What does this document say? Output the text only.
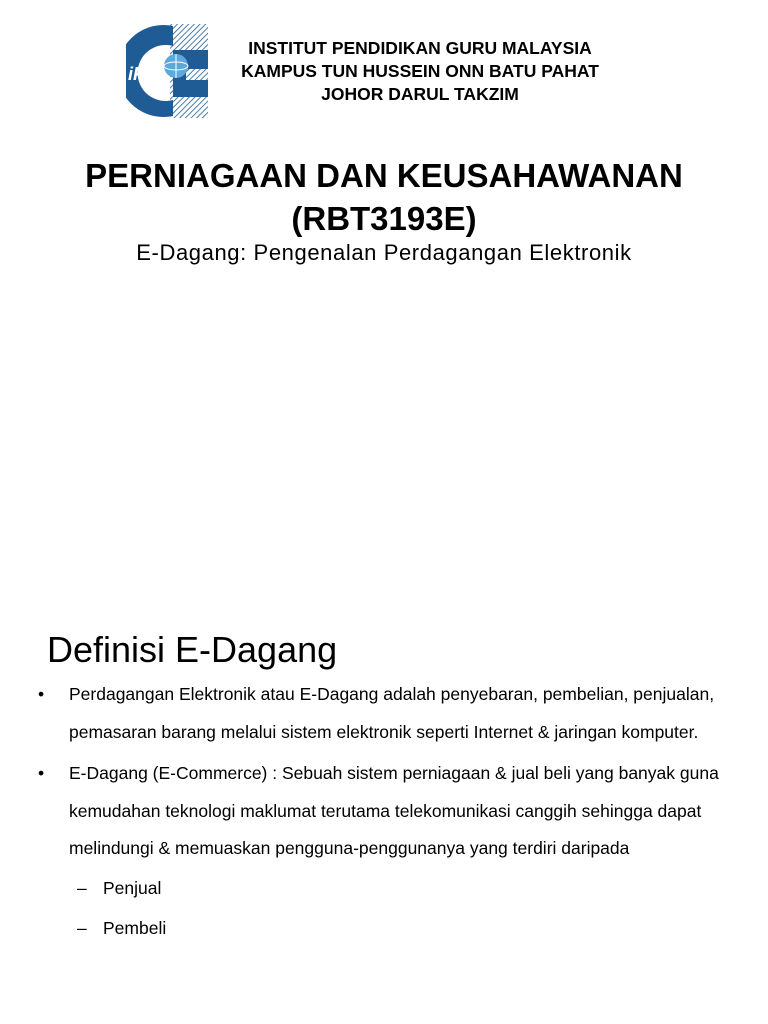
iPG
INSTITUT PENDIDIKAN GURU MALAYSIA
KAMPUS TUN HUSSEIN ONN BATU PAHAT
JOHOR DARUL TAKZIM
PERNIAGAAN DAN KEUSAHAWANAN
(RBT3193E)
E-Dagang: Pengenalan Perdagangan Elektronik
Definisi E-Dagang
• Perdagangan Elektronik atau E-Dagang adalah penyebaran, pembelian, penjualan, pemasaran barang melalui sistem elektronik seperti Internet & jaringan komputer.
• E-Dagang (E-Commerce) : Sebuah sistem perniagaan & jual beli yang banyak guna kemudahan teknologi maklumat terutama telekomunikasi canggih sehingga dapat melindungi & memuaskan pengguna-penggunanya yang terdiri daripada
– Penjual
– Pembeli
